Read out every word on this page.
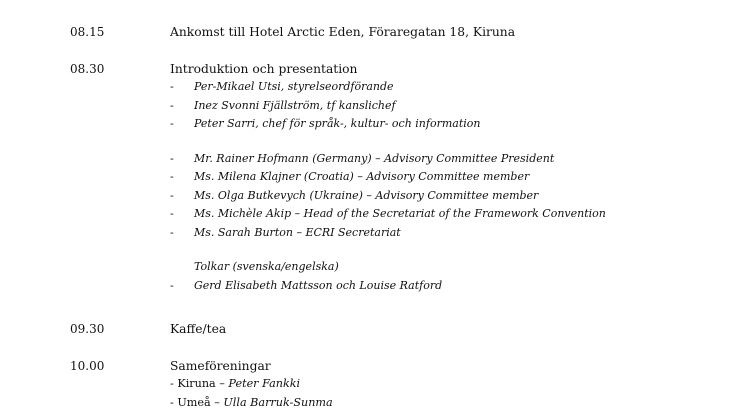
08.15	Ankomst till Hotel Arctic Eden, Föraregatan 18, Kiruna
08.30	Introduktion och presentation
- Per-Mikael Utsi, styrelseordförande
- Inez Svonni Fjällström, tf kanslichef
- Peter Sarri, chef för språk-, kultur- och information
- Mr. Rainer Hofmann (Germany) – Advisory Committee President
- Ms. Milena Klajner (Croatia) – Advisory Committee member
- Ms. Olga Butkevych (Ukraine) – Advisory Committee member
- Ms. Michèle Akip – Head of the Secretariat of the Framework Convention
- Ms. Sarah Burton – ECRI Secretariat
Tolkar (svenska/engelska)
- Gerd Elisabeth Mattsson och Louise Ratford
09.30	Kaffe/tea
10.00	Sameföreningar
- Kiruna – Peter Fankki
- Umeå – Ulla Barruk-Sunma
